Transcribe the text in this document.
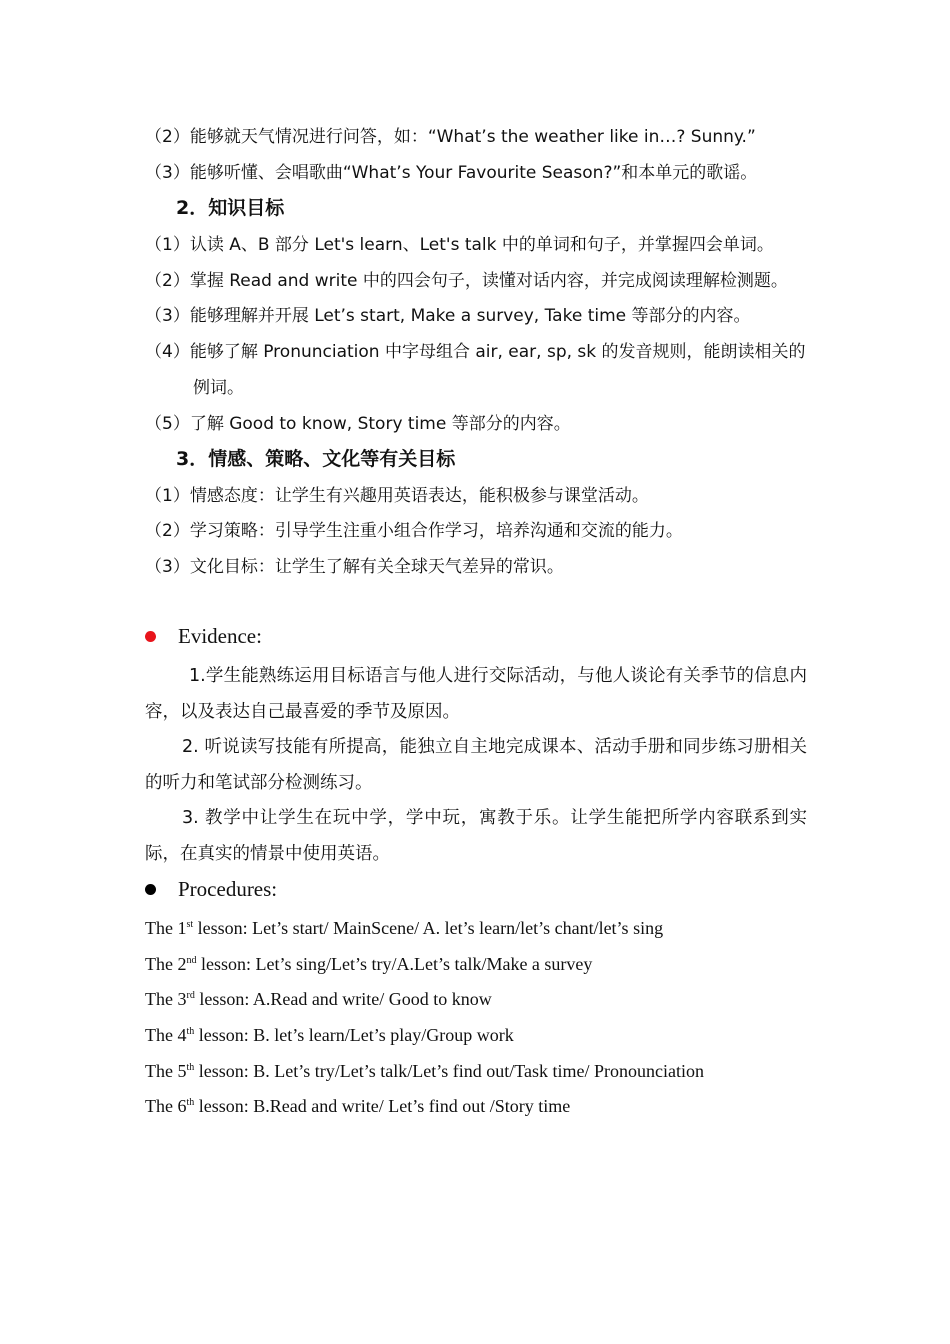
（2）能够就天气情况进行问答，如：“What’s the weather like in…? Sunny.”
（3）能够听懂、会唱歌曲“What’s Your Favourite Season?”和本单元的歌谣。
2．知识目标
（1）认读 A、B 部分 Let's learn、Let's talk 中的单词和句子，并掌握四会单词。
（2）掌握 Read and write 中的四会句子，读懂对话内容，并完成阅读理解检测题。
（3）能够理解并开展 Let’s start, Make a survey, Take time 等部分的内容。
（4）能够了解 Pronunciation 中字母组合 air, ear, sp, sk 的发音规则，能朗读相关的
例词。
（5）了解 Good to know, Story time 等部分的内容。
3．情感、策略、文化等有关目标
（1）情感态度：让学生有兴趣用英语表达，能积极参与课堂活动。
（2）学习策略：引导学生注重小组合作学习，培养沟通和交流的能力。
（3）文化目标：让学生了解有关全球天气差异的常识。
Evidence:
1.学生能熟练运用目标语言与他人进行交际活动，与他人谈论有关季节的信息内容，以及表达自己最喜爱的季节及原因。
2. 听说读写技能有所提高，能独立自主地完成课本、活动手册和同步练习册相关的听力和笔试部分检测练习。
3. 教学中让学生在玩中学，学中玩，寓教于乐。让学生能把所学内容联系到实际，在真实的情景中使用英语。
Procedures:
The 1st lesson: Let’s start/ MainScene/ A. let’s learn/let’s chant/let’s sing
The 2nd lesson: Let’s sing/Let’s try/A.Let’s talk/Make a survey
The 3rd lesson: A.Read and write/ Good to know
The 4th lesson: B. let’s learn/Let’s play/Group work
The 5th lesson: B. Let’s try/Let’s talk/Let’s find out/Task time/ Pronounciation
The 6th lesson: B.Read and write/ Let’s find out /Story time
